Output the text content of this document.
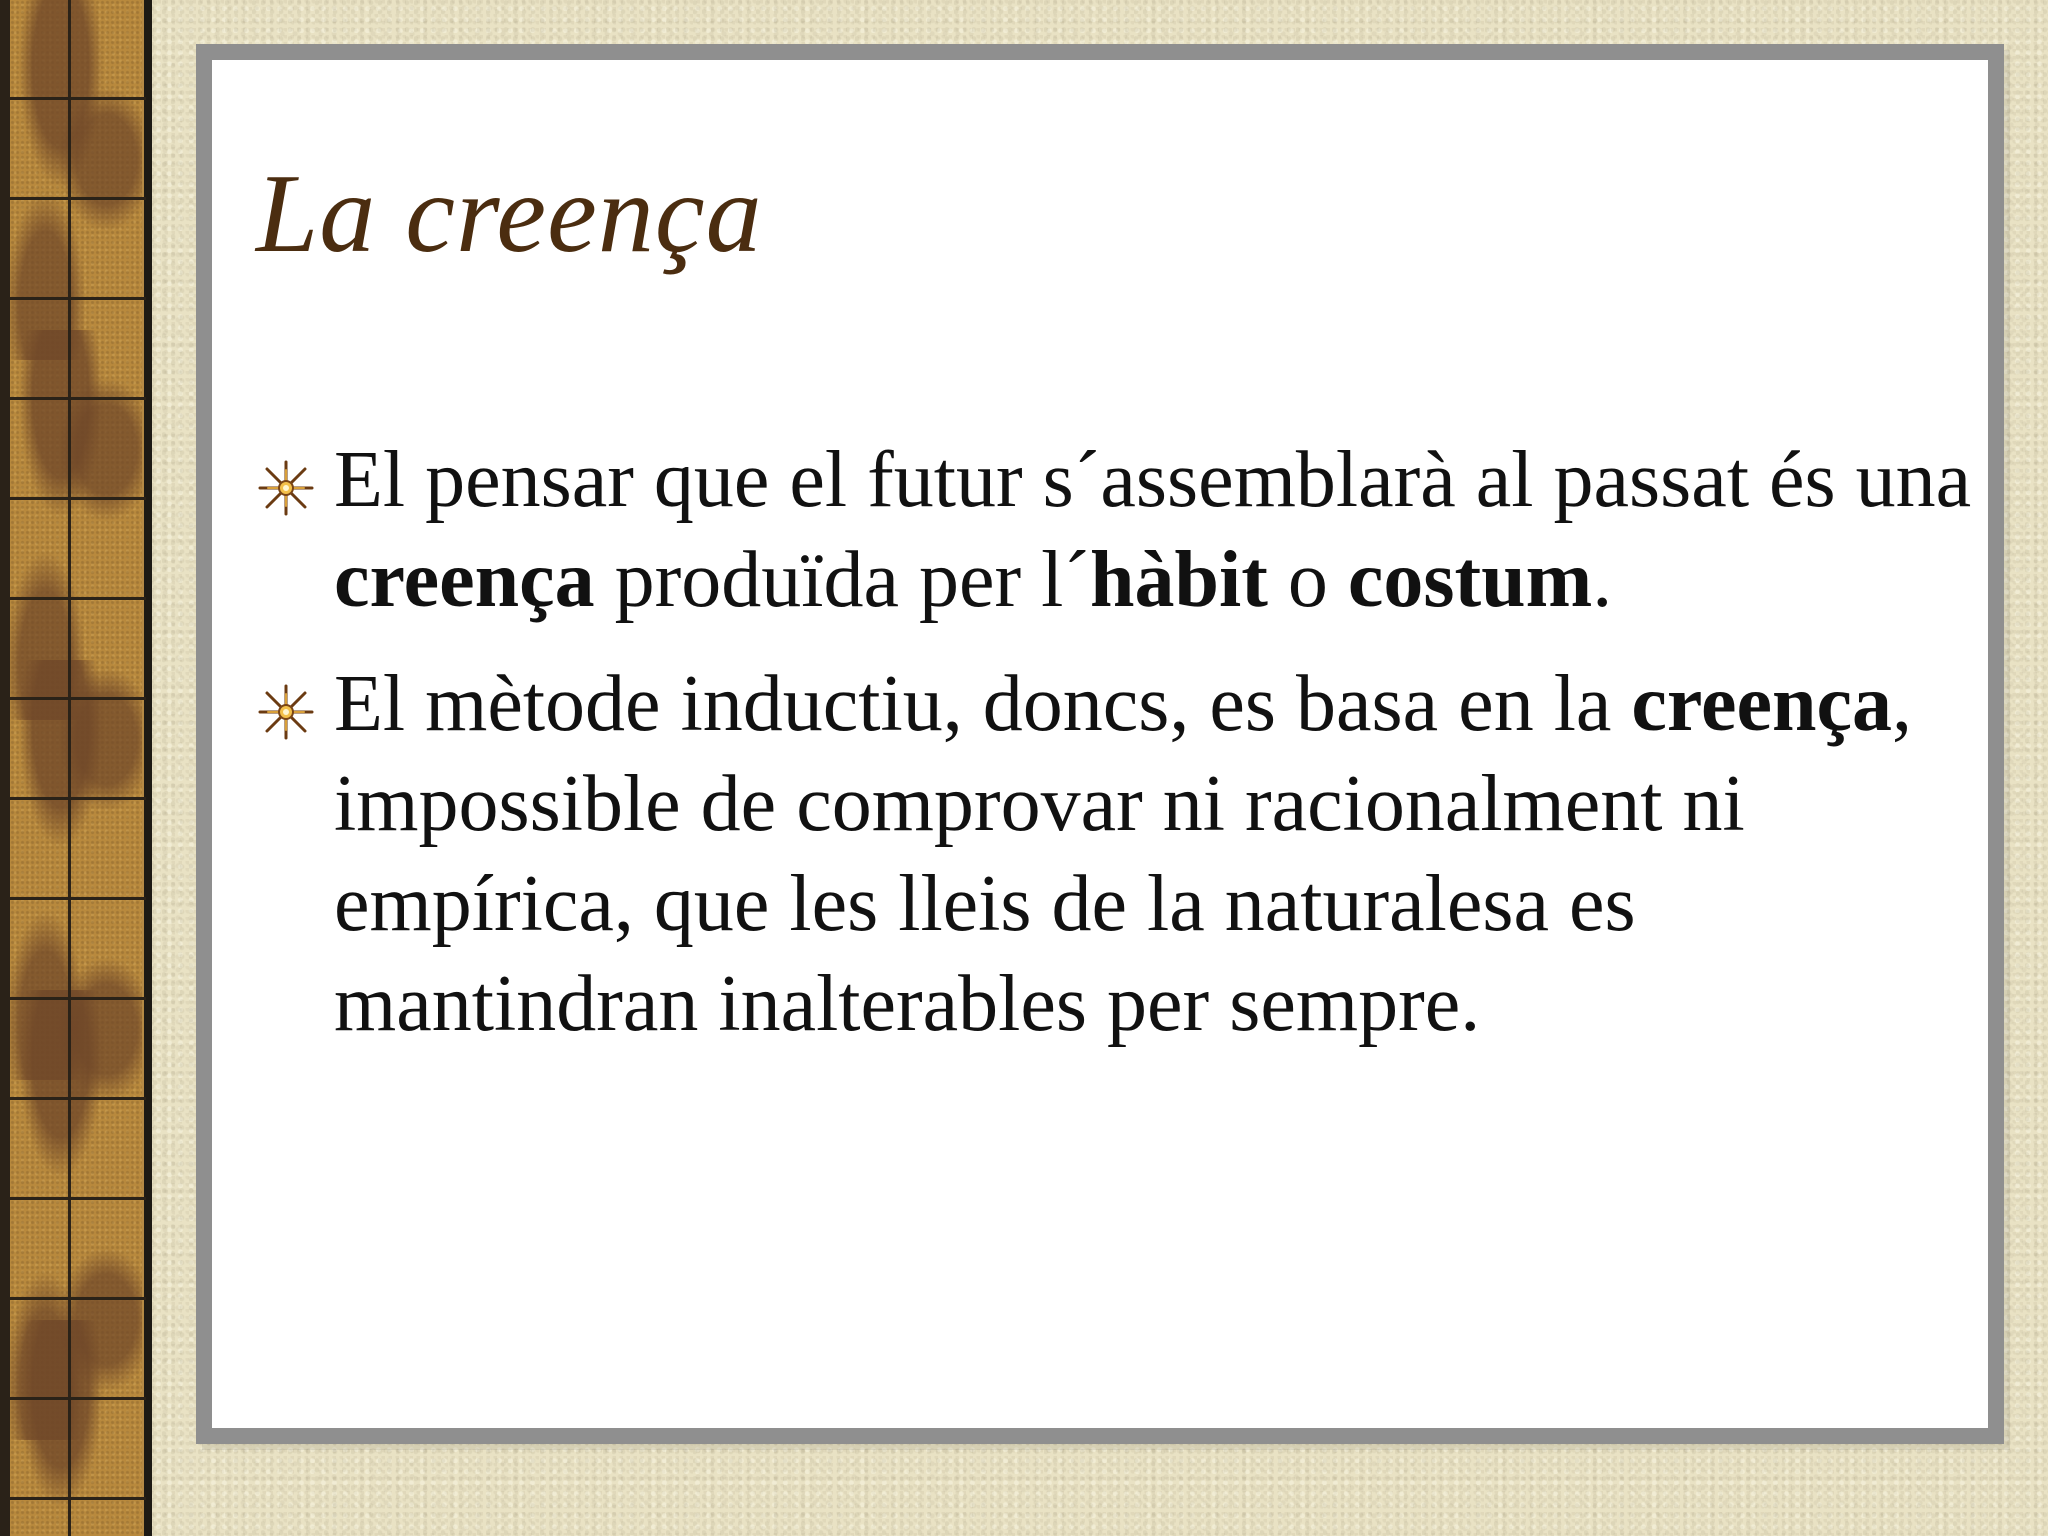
La creença
El pensar que el futur s´assemblarà al passat és una creença produïda per l´hàbit o costum.
El mètode inductiu, doncs, es basa en la creença, impossible de comprovar ni racionalment ni empírica, que les lleis de la naturalesa es mantindran inalterables per sempre.
